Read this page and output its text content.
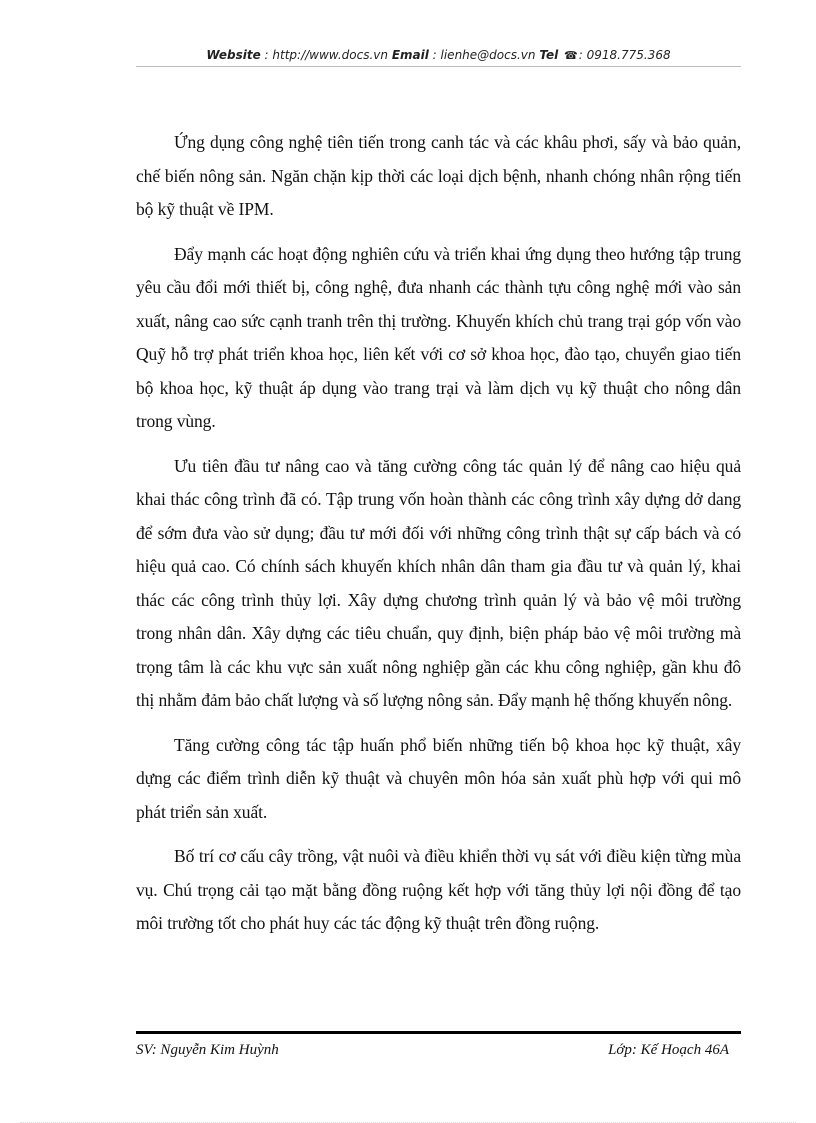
Website : http://www.docs.vn Email : lienhe@docs.vn Tel ☎: 0918.775.368

Ứng dụng công nghệ tiên tiến trong canh tác và các khâu phơi, sấy và bảo quản, chế biến nông sản. Ngăn chặn kịp thời các loại dịch bệnh, nhanh chóng nhân rộng tiến bộ kỹ thuật về IPM.

Đẩy mạnh các hoạt động nghiên cứu và triển khai ứng dụng theo hướng tập trung yêu cầu đổi mới thiết bị, công nghệ, đưa nhanh các thành tựu công nghệ mới vào sản xuất, nâng cao sức cạnh tranh trên thị trường. Khuyến khích chủ trang trại góp vốn vào Quỹ hỗ trợ phát triển khoa học, liên kết với cơ sở khoa học, đào tạo, chuyển giao tiến bộ khoa học, kỹ thuật áp dụng vào trang trại và làm dịch vụ kỹ thuật cho nông dân trong vùng.

Ưu tiên đầu tư nâng cao và tăng cường công tác quản lý để nâng cao hiệu quả khai thác công trình đã có. Tập trung vốn hoàn thành các công trình xây dựng dở dang để sớm đưa vào sử dụng; đầu tư mới đối với những công trình thật sự cấp bách và có hiệu quả cao. Có chính sách khuyến khích nhân dân tham gia đầu tư và quản lý, khai thác các công trình thủy lợi. Xây dựng chương trình quản lý và bảo vệ môi trường trong nhân dân. Xây dựng các tiêu chuẩn, quy định, biện pháp bảo vệ môi trường mà trọng tâm là các khu vực sản xuất nông nghiệp gần các khu công nghiệp, gần khu đô thị nhằm đảm bảo chất lượng và số lượng nông sản. Đẩy mạnh hệ thống khuyến nông.

Tăng cường công tác tập huấn phổ biến những tiến bộ khoa học kỹ thuật, xây dựng các điểm trình diễn kỹ thuật và chuyên môn hóa sản xuất phù hợp với qui mô phát triển sản xuất.

Bố trí cơ cấu cây trồng, vật nuôi và điều khiển thời vụ sát với điều kiện từng mùa vụ. Chú trọng cải tạo mặt bằng đồng ruộng kết hợp với tăng thủy lợi nội đồng để tạo môi trường tốt cho phát huy các tác động kỹ thuật trên đồng ruộng.

SV: Nguyễn Kim Huỳnh	Lớp: Kế Hoạch 46A
